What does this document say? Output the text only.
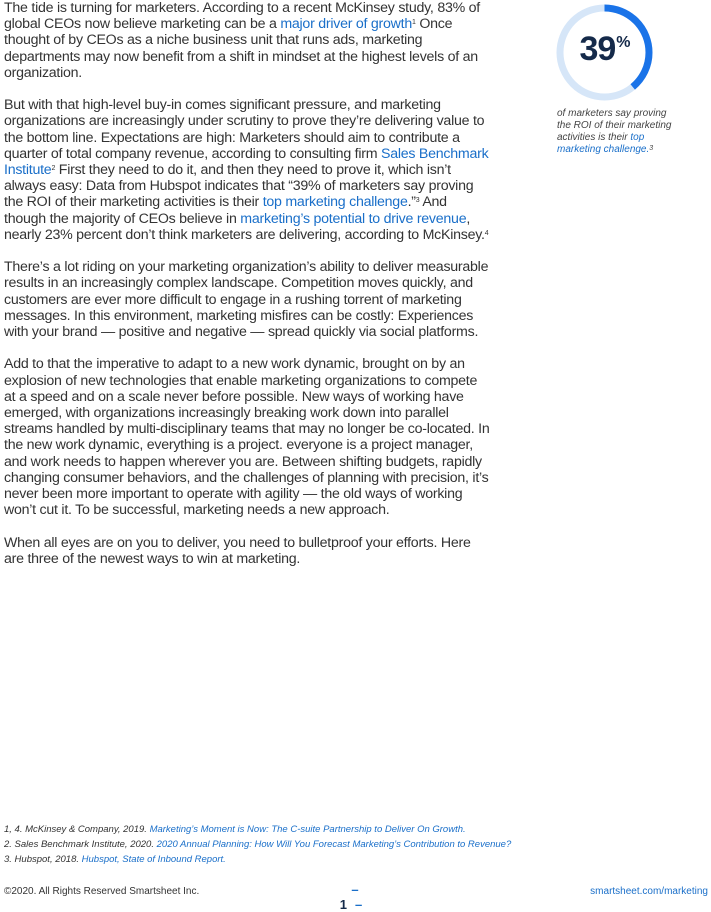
The tide is turning for marketers. According to a recent McKinsey study, 83% of global CEOs now believe marketing can be a major driver of growth$^1$ Once thought of by CEOs as a niche business unit that runs ads, marketing departments may now benefit from a shift in mindset at the highest levels of an organization.

But with that high-level buy-in comes significant pressure, and marketing organizations are increasingly under scrutiny to prove they’re delivering value to the bottom line. Expectations are high: Marketers should aim to contribute a quarter of total company revenue, according to consulting firm Sales Benchmark Institute$^2$ First they need to do it, and then they need to prove it, which isn’t always easy: Data from Hubspot indicates that “39% of marketers say proving the ROI of their marketing activities is their top marketing challenge.”$^3$ And though the majority of CEOs believe in marketing’s potential to drive revenue, nearly 23% percent don’t think marketers are delivering, according to McKinsey.$^4$

There’s a lot riding on your marketing organization’s ability to deliver measurable results in an increasingly complex landscape. Competition moves quickly, and customers are ever more difficult to engage in a rushing torrent of marketing messages. In this environment, marketing misfires can be costly: Experiences with your brand — positive and negative — spread quickly via social platforms.

Add to that the imperative to adapt to a new work dynamic, brought on by an explosion of new technologies that enable marketing organizations to compete at a speed and on a scale never before possible. New ways of working have emerged, with organizations increasingly breaking work down into parallel streams handled by multi-disciplinary teams that may no longer be co-located. In the new work dynamic, everything is a project. everyone is a project manager, and work needs to happen wherever you are. Between shifting budgets, rapidly changing consumer behaviors, and the challenges of planning with precision, it’s never been more important to operate with agility — the old ways of working won’t cut it. To be successful, marketing needs a new approach.

When all eyes are on you to deliver, you need to bulletproof your efforts. Here are three of the newest ways to win at marketing.

39%
of marketers say proving the ROI of their marketing activities is their top marketing challenge.$^3$
1, 4. McKinsey & Company, 2019. Marketing’s Moment is Now: The C-suite Partnership to Deliver On Growth.
2. Sales Benchmark Institute, 2020. 2020 Annual Planning: How Will You Forecast Marketing’s Contribution to Revenue?
3. Hubspot, 2018. Hubspot, State of Inbound Report.
©2020. All Rights Reserved Smartsheet Inc.	–1 –
smartsheet.com/marketing
